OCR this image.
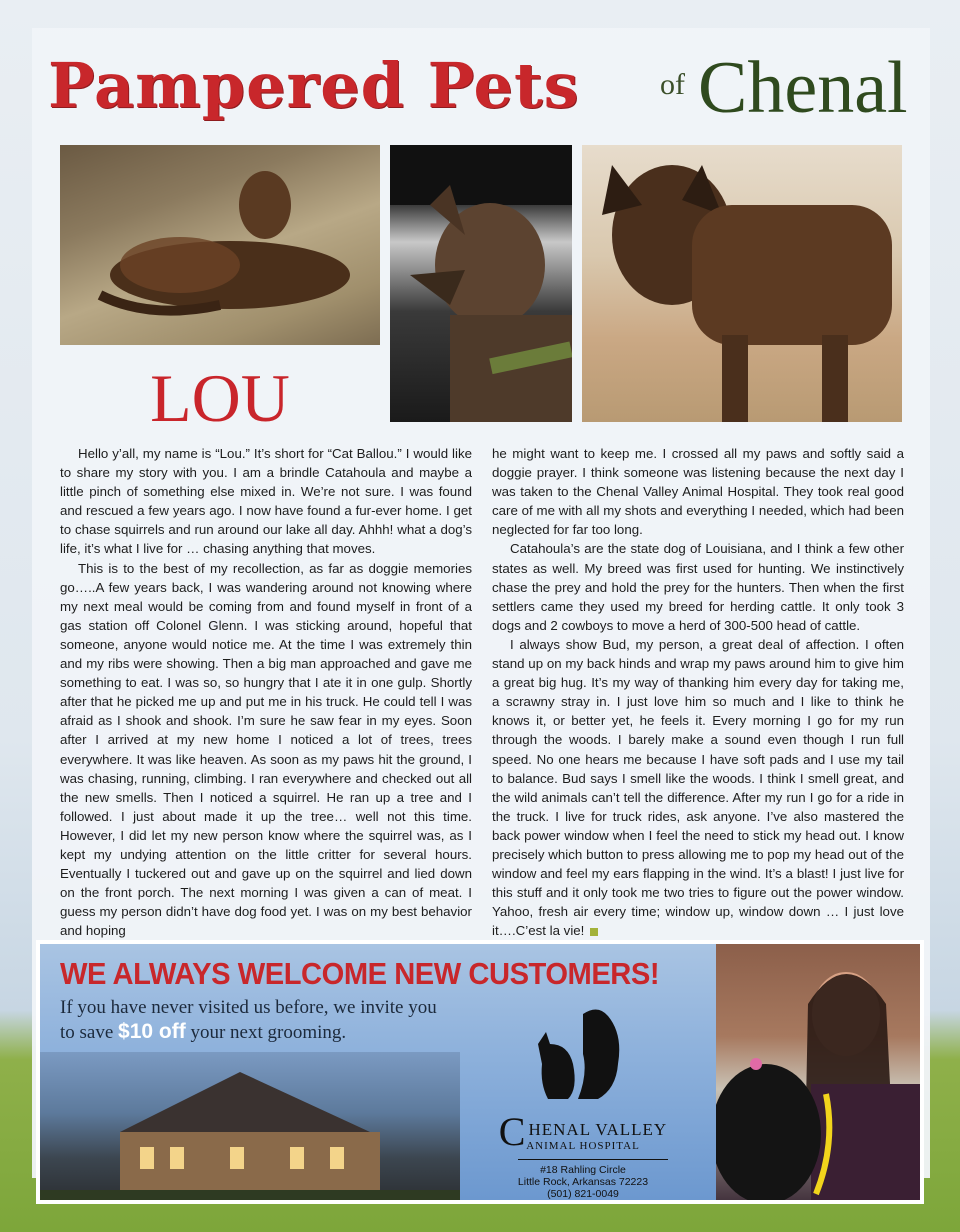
Pampered Pets	of Chenal
LOU

Hello y’all, my name is “Lou.” It’s short for “Cat Ballou.” I would like to share my story with you. I am a brindle Catahoula and maybe a little pinch of something else mixed in. We’re not sure. I was found and rescued a few years ago. I now have found a fur-ever home. I get to chase squirrels and run around our lake all day. Ahhh! what a dog’s life, it’s what I live for … chasing anything that moves.

This is to the best of my recollection, as far as doggie memories go…..A few years back, I was wandering around not knowing where my next meal would be coming from and found myself in front of a gas station off Colonel Glenn. I was sticking around, hopeful that someone, anyone would notice me. At the time I was extremely thin and my ribs were showing. Then a big man approached and gave me something to eat. I was so, so hungry that I ate it in one gulp. Shortly after that he picked me up and put me in his truck. He could tell I was afraid as I shook and shook. I’m sure he saw fear in my eyes. Soon after I arrived at my new home I noticed a lot of trees, trees everywhere. It was like heaven. As soon as my paws hit the ground, I was chasing, running, climbing. I ran everywhere and checked out all the new smells. Then I noticed a squirrel. He ran up a tree and I followed. I just about made it up the tree… well not this time. However, I did let my new person know where the squirrel was, as I kept my undying attention on the little critter for several hours. Eventually I tuckered out and gave up on the squirrel and lied down on the front porch. The next morning I was given a can of meat. I guess my person didn’t have dog food yet. I was on my best behavior and hoping

he might want to keep me. I crossed all my paws and softly said a doggie prayer. I think someone was listening because the next day I was taken to the Chenal Valley Animal Hospital. They took real good care of me with all my shots and everything I needed, which had been neglected for far too long.

Catahoula’s are the state dog of Louisiana, and I think a few other states as well. My breed was first used for hunting. We instinctively chase the prey and hold the prey for the hunters. Then when the first settlers came they used my breed for herding cattle. It only took 3 dogs and 2 cowboys to move a herd of 300-500 head of cattle.

I always show Bud, my person, a great deal of affection. I often stand up on my back hinds and wrap my paws around him to give him a great big hug. It’s my way of thanking him every day for taking me, a scrawny stray in. I just love him so much and I like to think he knows it, or better yet, he feels it. Every morning I go for my run through the woods. I barely make a sound even though I run full speed. No one hears me because I have soft pads and I use my tail to balance. Bud says I smell like the woods. I think I smell great, and the wild animals can’t tell the difference. After my run I go for a ride in the truck. I live for truck rides, ask anyone. I’ve also mastered the back power window when I feel the need to stick my head out. I know precisely which button to press allowing me to pop my head out of the window and feel my ears flapping in the wind. It’s a blast! I just live for this stuff and it only took me two tries to figure out the power window. Yahoo, fresh air every time; window up, window down … I just love it….C’est la vie!

WE ALWAYS WELCOME NEW CUSTOMERS!
If you have never visited us before, we invite you
to save $10 off your next grooming.
CHENAL VALLEY
ANIMAL HOSPITAL
#18 Rahling Circle
Little Rock, Arkansas 72223
(501) 821-0049
